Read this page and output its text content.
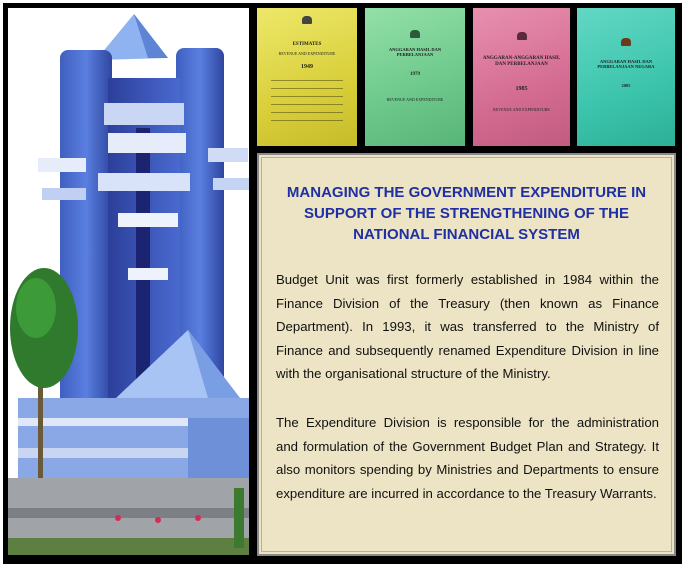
ESTIMATES
REVENUE AND EXPENDITURE
1949
ANGGARAN HASIL DAN PERBELANJAAN
1979
REVENUE AND EXPENDITURE
ANGGARAN-ANGGARAN HASIL DAN PERBELANJAAN
1985
REVENUE AND EXPENDITURE
ANGGARAN HASIL DAN PERBELANJAAN NEGARA
2005
MANAGING THE GOVERNMENT EXPENDITURE IN SUPPORT OF THE STRENGTHENING OF THE NATIONAL FINANCIAL SYSTEM
Budget Unit was first formerly established in 1984 within the Finance Division of the Treasury (then known as Finance Department). In 1993, it was transferred to the Ministry of Finance and subsequently renamed Expenditure Division in line with the organisational structure of the Ministry.
The Expenditure Division is responsible for the administration and formulation of the Government Budget Plan and Strategy. It also monitors spending by Ministries and Departments to ensure expenditure are incurred in accordance to the Treasury Warrants.
